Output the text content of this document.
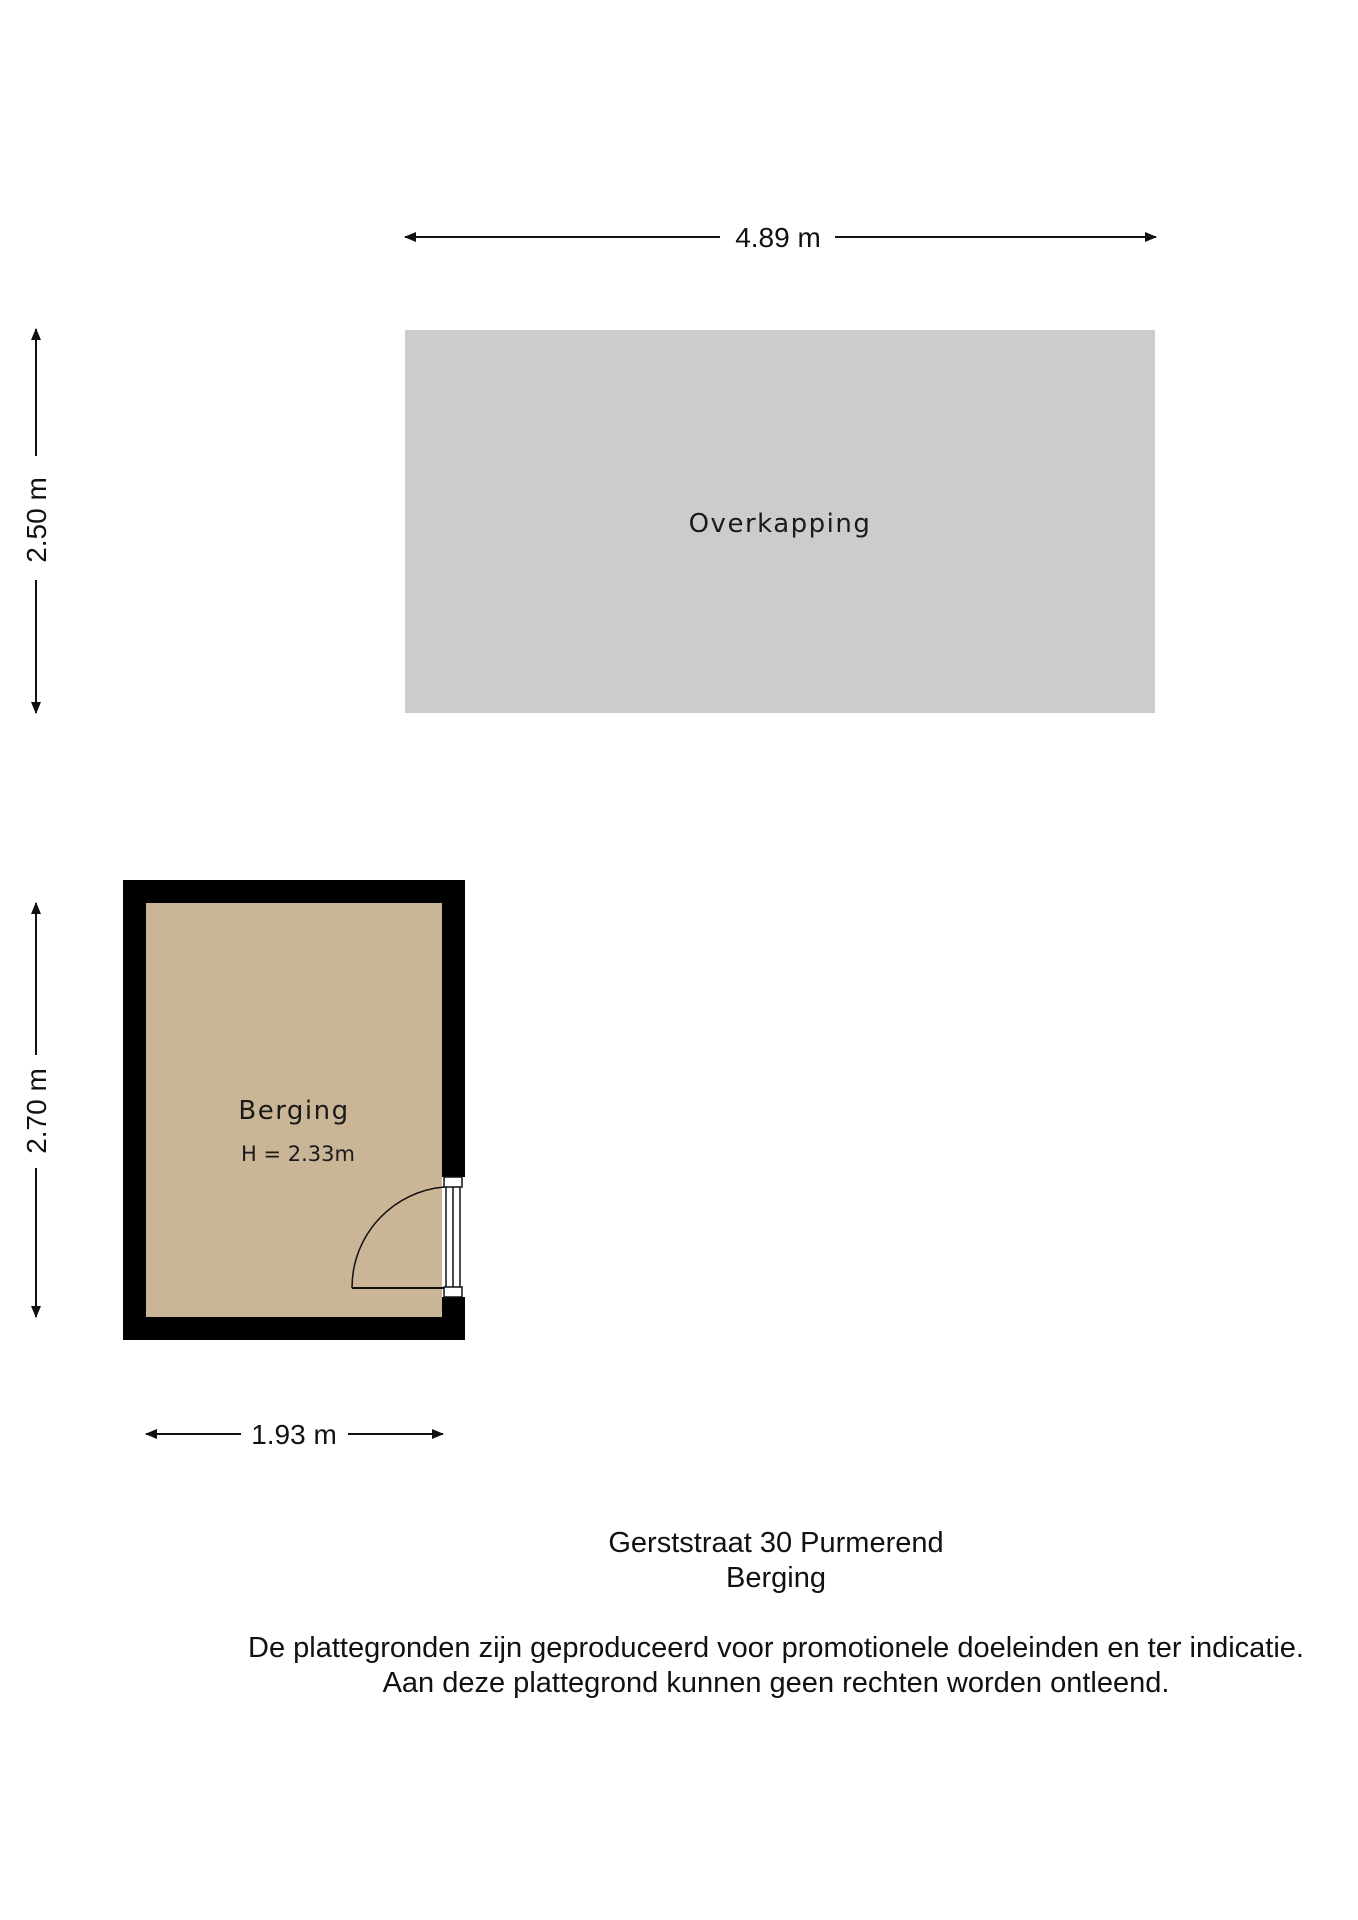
4.89 m
2.50 m	Overkapping
2.70 m	Berging
H = 2.33m
1.93 m
Gerststraat 30 Purmerend
Berging
De plattegronden zijn geproduceerd voor promotionele doeleinden en ter indicatie.
Aan deze plattegrond kunnen geen rechten worden ontleend.
